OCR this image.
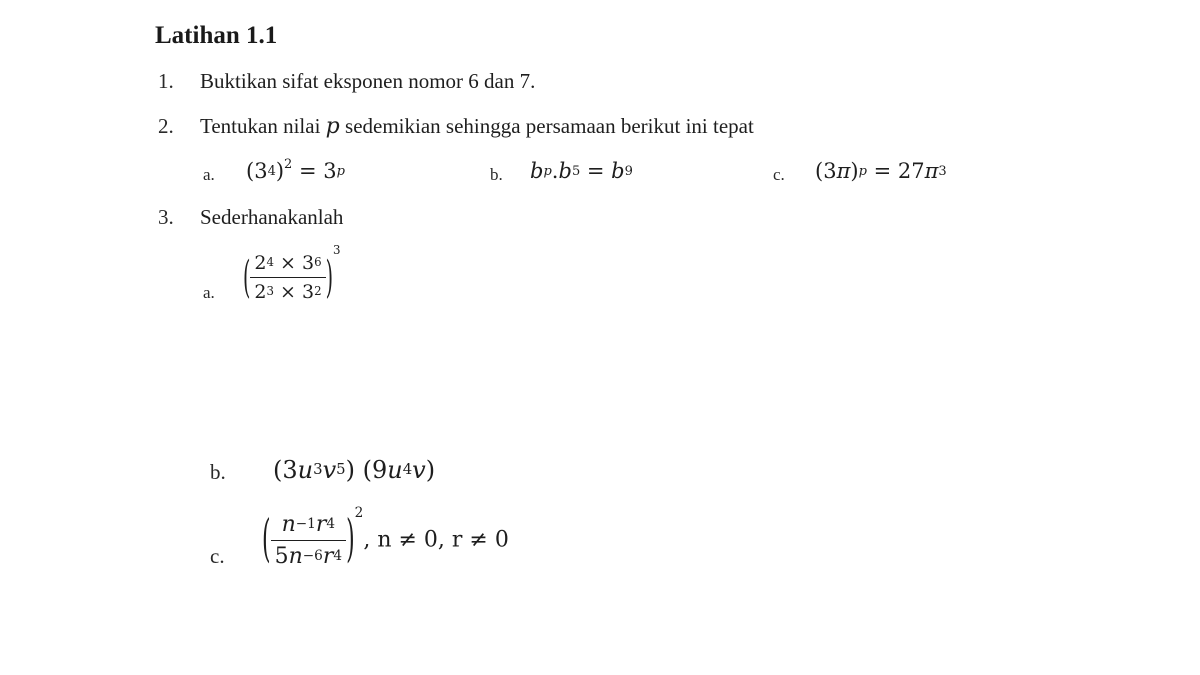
Latihan 1.1
1. Buktikan sifat eksponen nomor 6 dan 7.
2. Tentukan nilai p sedemikian sehingga persamaan berikut ini tepat
a. $(3^4)^2 = 3^p$	b. $b^p.b^5 = b^9$	c. $(3\pi)^p = 27\pi^3$
3. Sederhanakanlah
a. ( $\frac{2^4 \times 3^6}{2^3 \times 3^2} )^3$
b. $(3u^3v^5)$ $(9u^4v)$
c. ( $\frac{n^{-1}r^4}{5n^{-6}r^4} )^2$, n ≠ 0, r ≠ 0
